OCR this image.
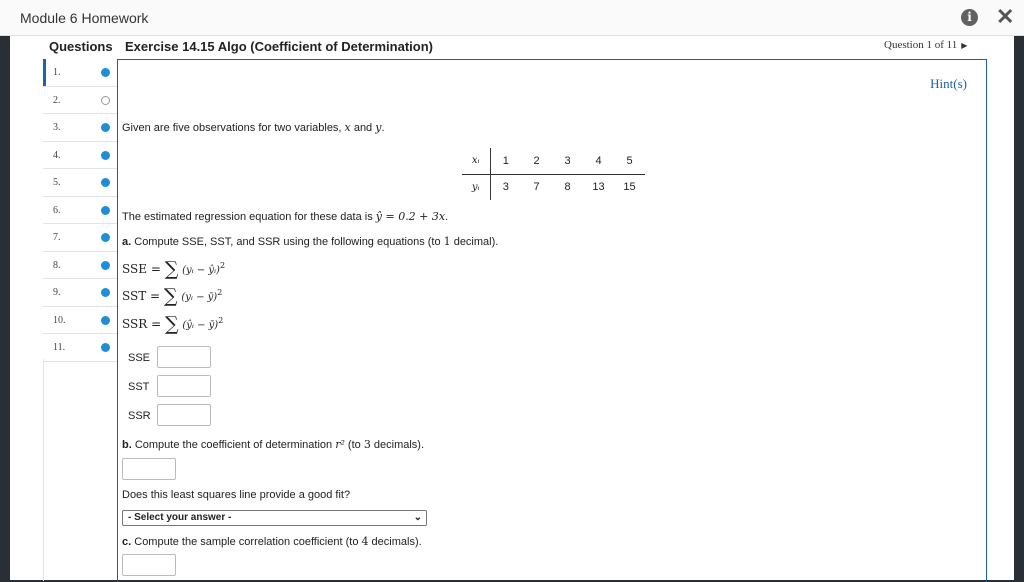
Module 6 Homework	i ✕
Questions Exercise 14.15 Algo (Coefficient of Determination)	Question 1 of 11 ▶
1.
2.
3.
4.
5.
6.
7.
8.
9.
10.
11.
Hint(s)
Given are five observations for two variables, x and y.
xᵢ	1	2	3	4	5
yᵢ	3	7	8	13	15
The estimated regression equation for these data is ŷ = 0.2 + 3x.
a. Compute SSE, SST, and SSR using the following equations (to 1 decimal).
SSE = ∑ (yᵢ − ŷᵢ)$^2$
SST = ∑ (yᵢ − ȳ)$^2$
SSR = ∑ (ŷᵢ − ȳ)$^2$
SSE
SST
SSR
b. Compute the coefficient of determination r² (to 3 decimals).
Does this least squares line provide a good fit?
- Select your answer -	⌄
c. Compute the sample correlation coefficient (to 4 decimals).
